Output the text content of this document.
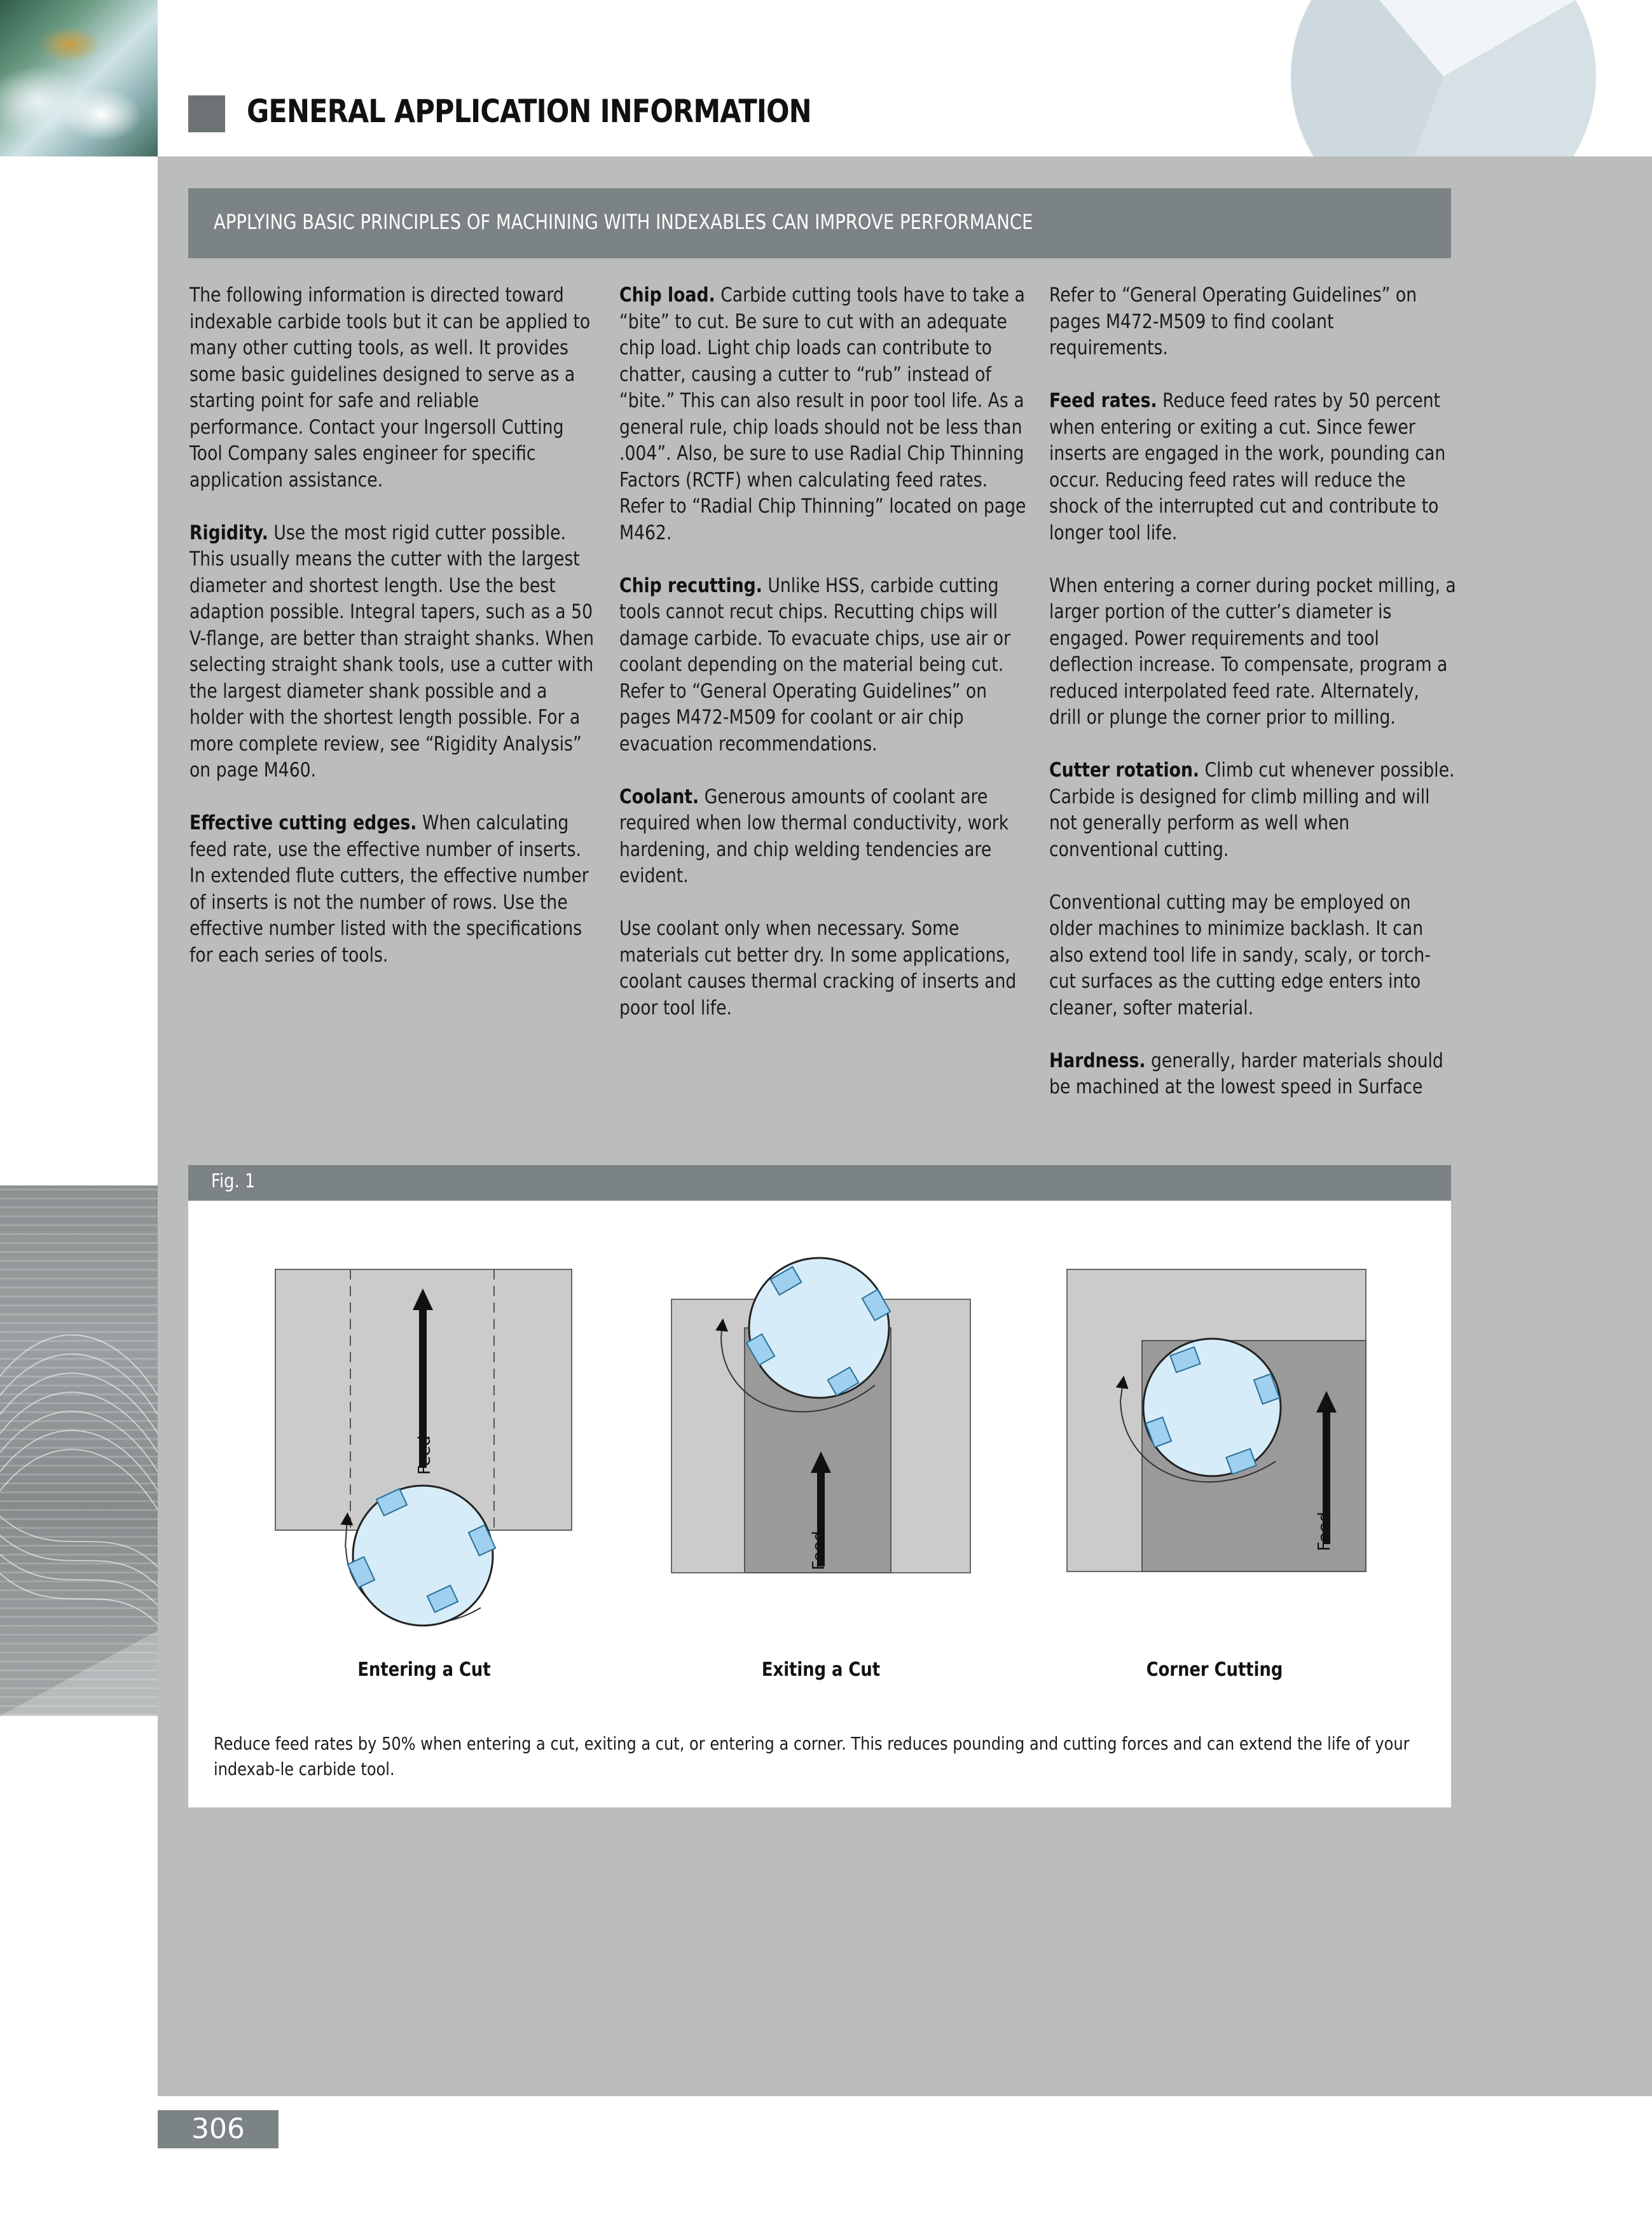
GENERAL APPLICATION INFORMATION
APPLYING BASIC PRINCIPLES OF MACHINING WITH INDEXABLES CAN IMPROVE PERFORMANCE

The following information is directed toward indexable carbide tools but it can be applied to many other cutting tools, as well. It provides some basic guidelines designed to serve as a starting point for safe and reliable performance. Contact your Ingersoll Cutting Tool Company sales engineer for specific application assistance.

Rigidity. Use the most rigid cutter possible. This usually means the cutter with the largest diameter and shortest length. Use the best adaption possible. Integral tapers, such as a 50 V-flange, are better than straight shanks. When selecting straight shank tools, use a cutter with the largest diameter shank possible and a holder with the shortest length possible. For a more complete review, see “Rigidity Analysis” on page M460.

Effective cutting edges. When calculating feed rate, use the effective number of inserts. In extended flute cutters, the effective number of inserts is not the number of rows. Use the effective number listed with the specifications for each series of tools.

Chip load. Carbide cutting tools have to take a “bite” to cut. Be sure to cut with an adequate chip load. Light chip loads can contribute to chatter, causing a cutter to “rub” instead of “bite.” This can also result in poor tool life. As a general rule, chip loads should not be less than .004”. Also, be sure to use Radial Chip Thinning Factors (RCTF) when calculating feed rates. Refer to “Radial Chip Thinning” located on page M462.

Chip recutting. Unlike HSS, carbide cutting tools cannot recut chips. Recutting chips will damage carbide. To evacuate chips, use air or coolant depending on the material being cut. Refer to “General Operating Guidelines” on pages M472-M509 for coolant or air chip evacuation recommendations.

Coolant. Generous amounts of coolant are required when low thermal conductivity, work hardening, and chip welding tendencies are evident.

Use coolant only when necessary. Some materials cut better dry. In some applications, coolant causes thermal cracking of inserts and poor tool life.

Refer to “General Operating Guidelines” on pages M472-M509 to find coolant requirements.

Feed rates. Reduce feed rates by 50 percent when entering or exiting a cut. Since fewer inserts are engaged in the work, pounding can occur. Reducing feed rates will reduce the shock of the interrupted cut and contribute to longer tool life.

When entering a corner during pocket milling, a larger portion of the cutter’s diameter is engaged. Power requirements and tool deflection increase. To compensate, program a reduced interpolated feed rate. Alternately, drill or plunge the corner prior to milling.

Cutter rotation. Climb cut whenever possible. Carbide is designed for climb milling and will not generally perform as well when conventional cutting.

Conventional cutting may be employed on older machines to minimize backlash. It can also extend tool life in sandy, scaly, or torch-cut surfaces as the cutting edge enters into cleaner, softer material.

Hardness. generally, harder materials should be machined at the lowest speed in Surface

Fig. 1
Feed
Feed	Feed
Entering a Cut	Exiting a Cut	Corner Cutting
Reduce feed rates by 50% when entering a cut, exiting a cut, or entering a corner. This reduces pounding and cutting forces and can extend the life of your indexab-le carbide tool.
306
